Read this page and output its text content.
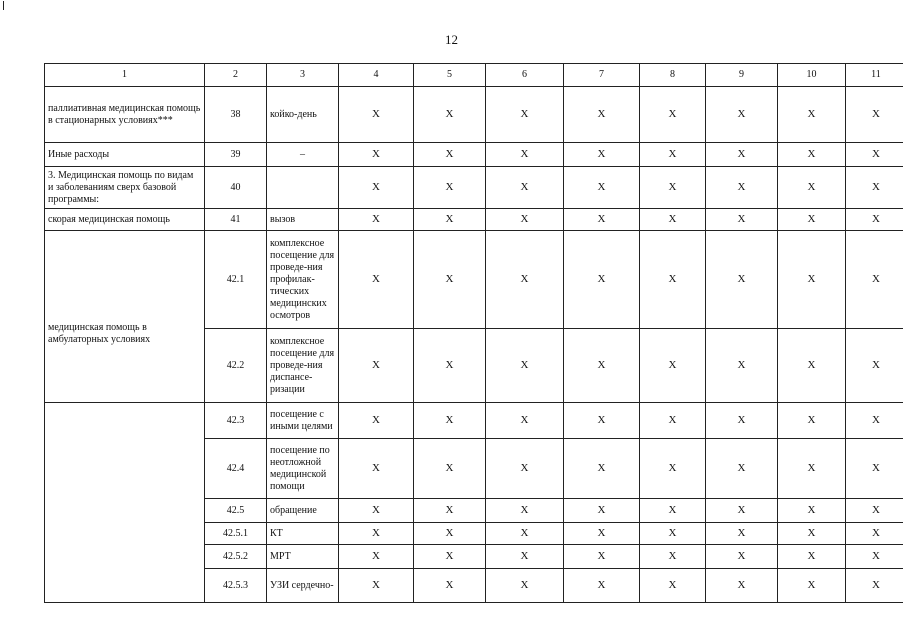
12
1	2	3	4	5	6	7	8	9	10	11
паллиативная медицинская помощь в стационарных условиях***	38	койко-день	X	X	X	X	X	X	X	X
Иные расходы	39	–	X	X	X	X	X	X	X	X
3. Медицинская помощь по видам и заболеваниям сверх базовой программы:	40		X	X	X	X	X	X	X	X
скорая медицинская помощь	41	вызов	X	X	X	X	X	X	X	X
медицинская помощь в амбулаторных условиях	42.1	комплексное посещение для проведе-ния профилак-тических медицинских осмотров	X	X	X	X	X	X	X	X
	42.2	комплексное посещение для проведе-ния диспансе-ризации	X	X	X	X	X	X	X	X
	42.3	посещение с иными целями	X	X	X	X	X	X	X	X
	42.4	посещение по неотложной медицинской помощи	X	X	X	X	X	X	X	X
	42.5	обращение	X	X	X	X	X	X	X	X
	42.5.1	КТ	X	X	X	X	X	X	X	X
	42.5.2	МРТ	X	X	X	X	X	X	X	X
	42.5.3	УЗИ сердечно-	X	X	X	X	X	X	X	X
